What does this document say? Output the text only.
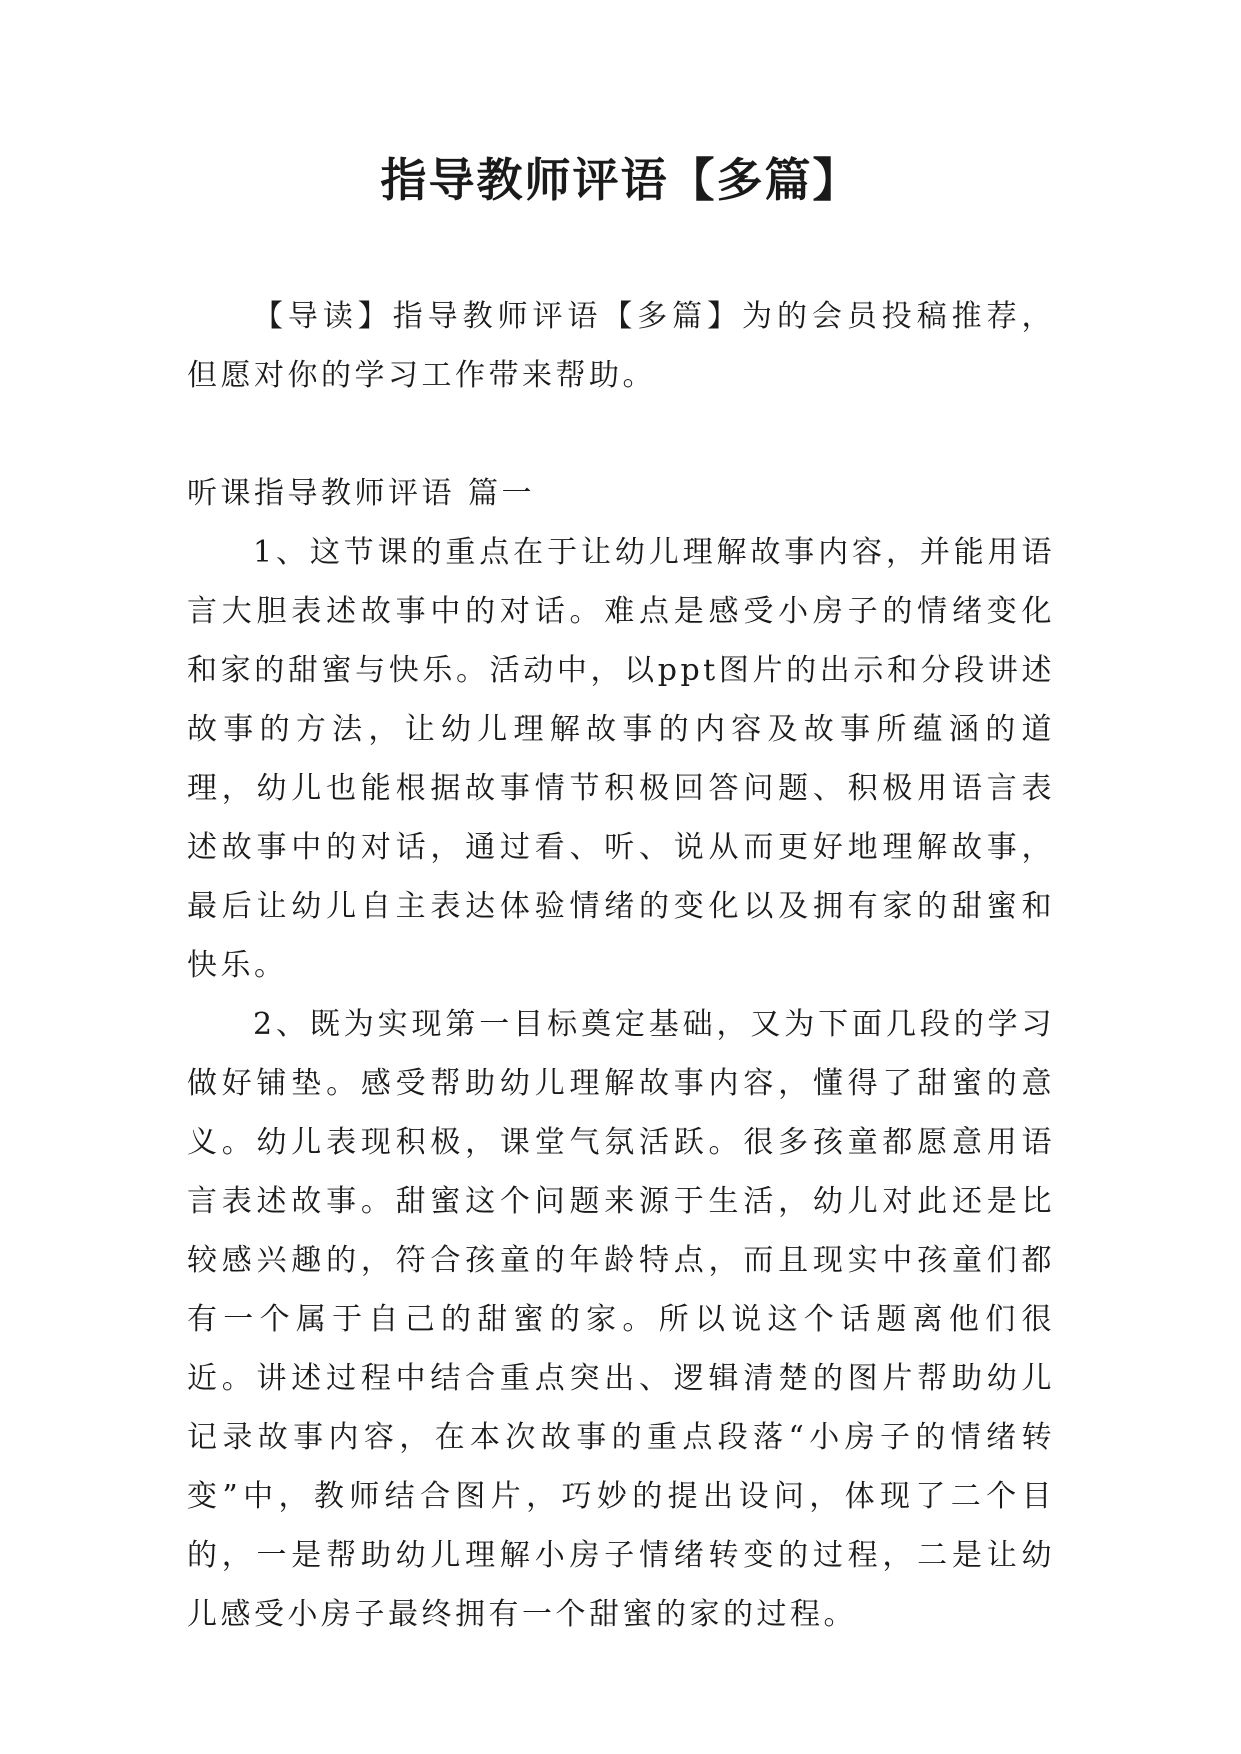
指导教师评语【多篇】

【导读】指导教师评语【多篇】为的会员投稿推荐，但愿对你的学习工作带来帮助。

听课指导教师评语 篇一

1、这节课的重点在于让幼儿理解故事内容，并能用语言大胆表述故事中的对话。难点是感受小房子的情绪变化和家的甜蜜与快乐。活动中，以ppt图片的出示和分段讲述故事的方法，让幼儿理解故事的内容及故事所蕴涵的道理，幼儿也能根据故事情节积极回答问题、积极用语言表述故事中的对话，通过看、听、说从而更好地理解故事，最后让幼儿自主表达体验情绪的变化以及拥有家的甜蜜和快乐。

2、既为实现第一目标奠定基础，又为下面几段的学习做好铺垫。感受帮助幼儿理解故事内容，懂得了甜蜜的意义。幼儿表现积极，课堂气氛活跃。很多孩童都愿意用语言表述故事。甜蜜这个问题来源于生活，幼儿对此还是比较感兴趣的，符合孩童的年龄特点，而且现实中孩童们都有一个属于自己的甜蜜的家。所以说这个话题离他们很近。讲述过程中结合重点突出、逻辑清楚的图片帮助幼儿记录故事内容，在本次故事的重点段落“小房子的情绪转变”中，教师结合图片，巧妙的提出设问，体现了二个目的，一是帮助幼儿理解小房子情绪转变的过程，二是让幼儿感受小房子最终拥有一个甜蜜的家的过程。
